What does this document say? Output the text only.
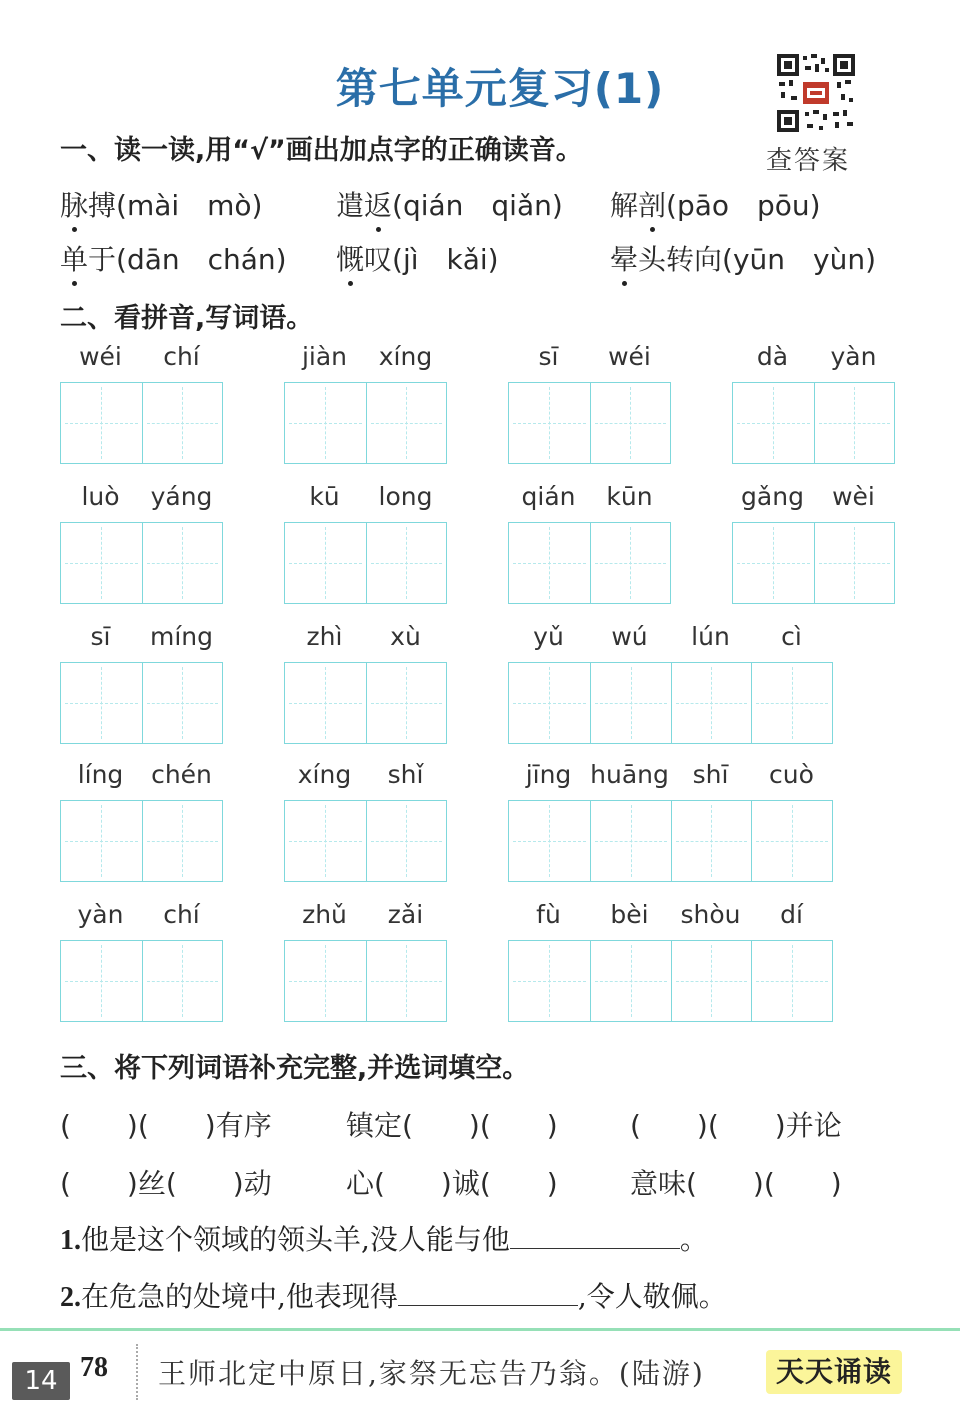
第七单元复习(1)
查答案
一、读一读,用“√”画出加点字的正确读音。
脉搏(mài　mò)	遣返(qián　qiǎn) 解剖(pāo　pōu)
单于(dān　chán) 慨叹(jì　kǎi)	晕头转向(yūn　yùn)
二、看拼音,写词语。
wéi	chí	jiàn	xíng	sī	wéi	dà	yàn
luò	yáng	kū	long	qián	kūn	gǎng	wèi
sī	míng	zhì	xù	yǔ	wú	lún	cì
líng	chén	xíng	shǐ	jīng huāng shī	cuò
yàn	chí	zhǔ	zǎi	fù	bèi	shòu	dí
三、将下列词语补充完整,并选词填空。
(　　)(　　)有序	镇定(　　)(　　)	(　　)(　　)并论
(　　)丝(　　)动	心(　　)诚(　　)	意味(　　)(　　)
1.他是这个领域的领头羊,没人能与他	。
2.在危急的处境中,他表现得	,令人敬佩。
14 78 王师北定中原日,家祭无忘告乃翁。(陆游)	天天诵读
